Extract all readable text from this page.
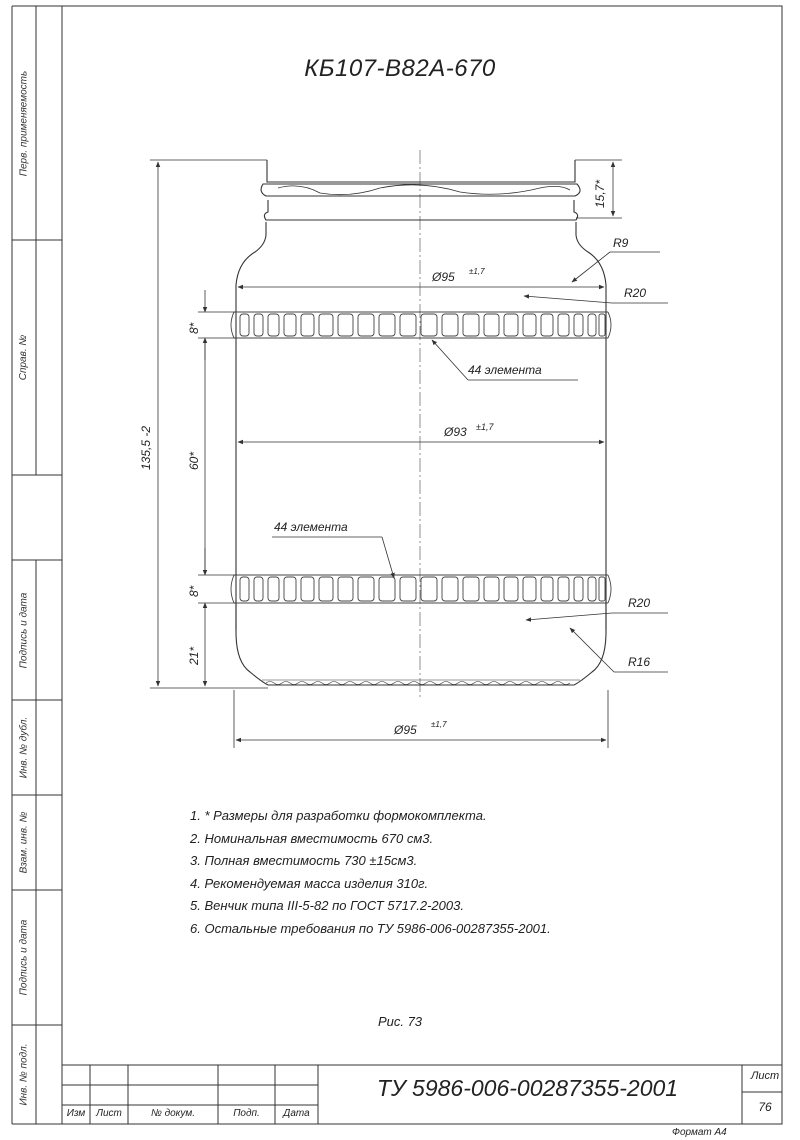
Перв. применяемость
Справ. №
Подпись и дата
Инв. № дубл.
Взам. инв. №
Подпись и дата
Инв. № подл.
КБ107-В82А-670
15,7*
135,5 -2
8*
60*
8*
21*
Ø95 ±1,7
Ø93 ±1,7
Ø95 ±1,7
R9
R20
R20
R16
44 элемента
44 элемента
1. * Размеры для разработки формокомплекта.
2. Номинальная вместимость 670 см3.
3. Полная вместимость 730 ±15см3.
4. Рекомендуемая масса изделия 310г.
5. Венчик типа III-5-82 по ГОСТ 5717.2-2003.
6. Остальные требования по ТУ 5986-006-00287355-2001.
Рис. 73
ТУ 5986-006-00287355-2001	Лист
76
Изм	Лист	№ докум.	Подп.	Дата
Формат А4
